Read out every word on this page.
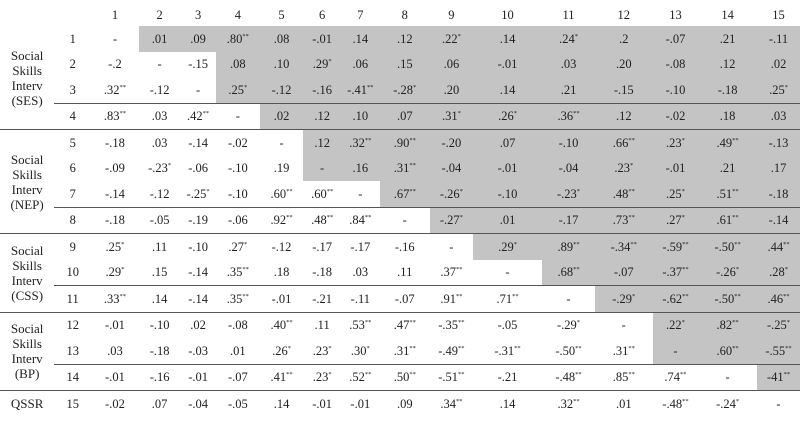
		1	2	3	4	5	6	7	8	9	10	11	12	13	14	15

Social
Skills
Interv
(SES)	1	-	.01	.09	.80**	.08	-.01	.14	.12	.22*	.14	.24*	.2	-.07	.21	-.11
	2	-.2	-	-.15	.08	.10	.29*	.06	.15	.06	-.01	.03	.20	-.08	.12	.02
	3	.32**	-.12	-	.25*	-.12	-.16	-.41**	-.28*	.20	.14	.21	-.15	-.10	-.18	.25*
	4	.83**	.03	.42**	-	.02	.12	.10	.07	.31*	.26*	.36**	.12	-.02	.18	.03

Social
Skills
Interv
(NEP)	5	-.18	.03	-.14	-.02	-	.12	.32**	.90**	-.20	.07	-.10	.66**	.23*	.49**	-.13
	6	-.09	-.23*	-.06	-.10	.19	-	.16	.31**	-.04	-.01	-.04	.23*	-.01	.21	.17
	7	-.14	-.12	-.25*	-.10	.60**	.60**	-	.67**	-.26*	-.10	-.23*	.48**	.25*	.51**	-.18
	8	-.18	-.05	-.19	-.06	.92**	.48**	.84**	-	-.27*	.01	-.17	.73**	.27*	.61**	-.14

Social
Skills
Interv
(CSS)	9	.25*	.11	-.10	.27*	-.12	-.17	-.17	-.16	-	.29*	.89**	-.34**	-.59**	-.50**	.44**
	10	.29*	.15	-.14	.35**	.18	-.18	.03	.11	.37**	-	.68**	-.07	-.37**	-.26*	.28*
	11	.33**	.14	-.14	.35**	-.01	-.21	-.11	-.07	.91**	.71**	-	-.29*	-.62**	-.50**	.46**

Social
Skills
Interv
(BP)	12	-.01	-.10	.02	-.08	.40**	.11	.53**	.47**	-.35**	-.05	-.29*	-	.22*	.82**	-.25*
	13	.03	-.18	-.03	.01	.26*	.23*	.30*	.31**	-.49**	-.31**	-.50**	.31**	-	.60**	-.55**
	14	-.01	-.16	-.01	-.07	.41**	.23*	.52**	.50**	-.51**	-.21	-.48**	.85**	.74**	-	-41**

QSSR	15	-.02	.07	-.04	-.05	.14	-.01	-.01	.09	.34**	.14	.32**	.01	-.48**	-.24*	-
